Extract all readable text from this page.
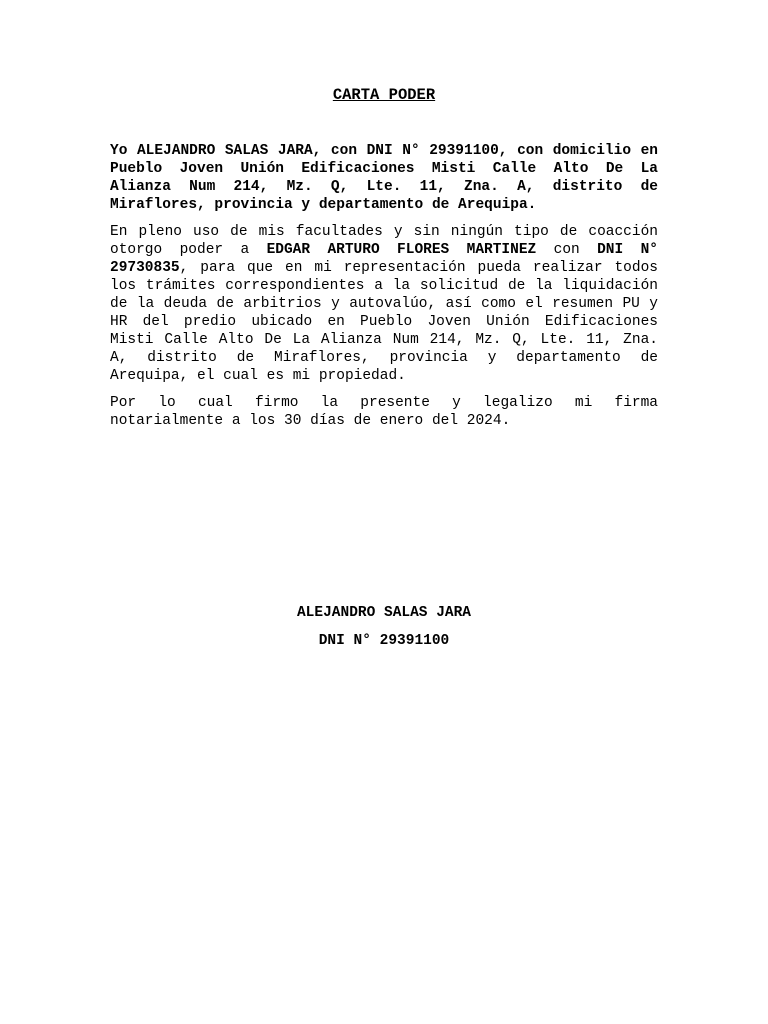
CARTA PODER

Yo ALEJANDRO SALAS JARA, con DNI N° 29391100, con domicilio en Pueblo Joven Unión Edificaciones Misti Calle Alto De La Alianza Num 214, Mz. Q, Lte. 11, Zna. A, distrito de Miraflores, provincia y departamento de Arequipa.

En pleno uso de mis facultades y sin ningún tipo de coacción otorgo poder a EDGAR ARTURO FLORES MARTINEZ con DNI N° 29730835, para que en mi representación pueda realizar todos los trámites correspondientes a la solicitud de la liquidación de la deuda de arbitrios y autovalúo, así como el resumen PU y HR del predio ubicado en Pueblo Joven Unión Edificaciones Misti Calle Alto De La Alianza Num 214, Mz. Q, Lte. 11, Zna. A, distrito de Miraflores, provincia y departamento de Arequipa, el cual es mi propiedad.

Por lo cual firmo la presente y legalizo mi firma notarialmente a los 30 días de enero del 2024.

ALEJANDRO SALAS JARA
DNI N° 29391100
